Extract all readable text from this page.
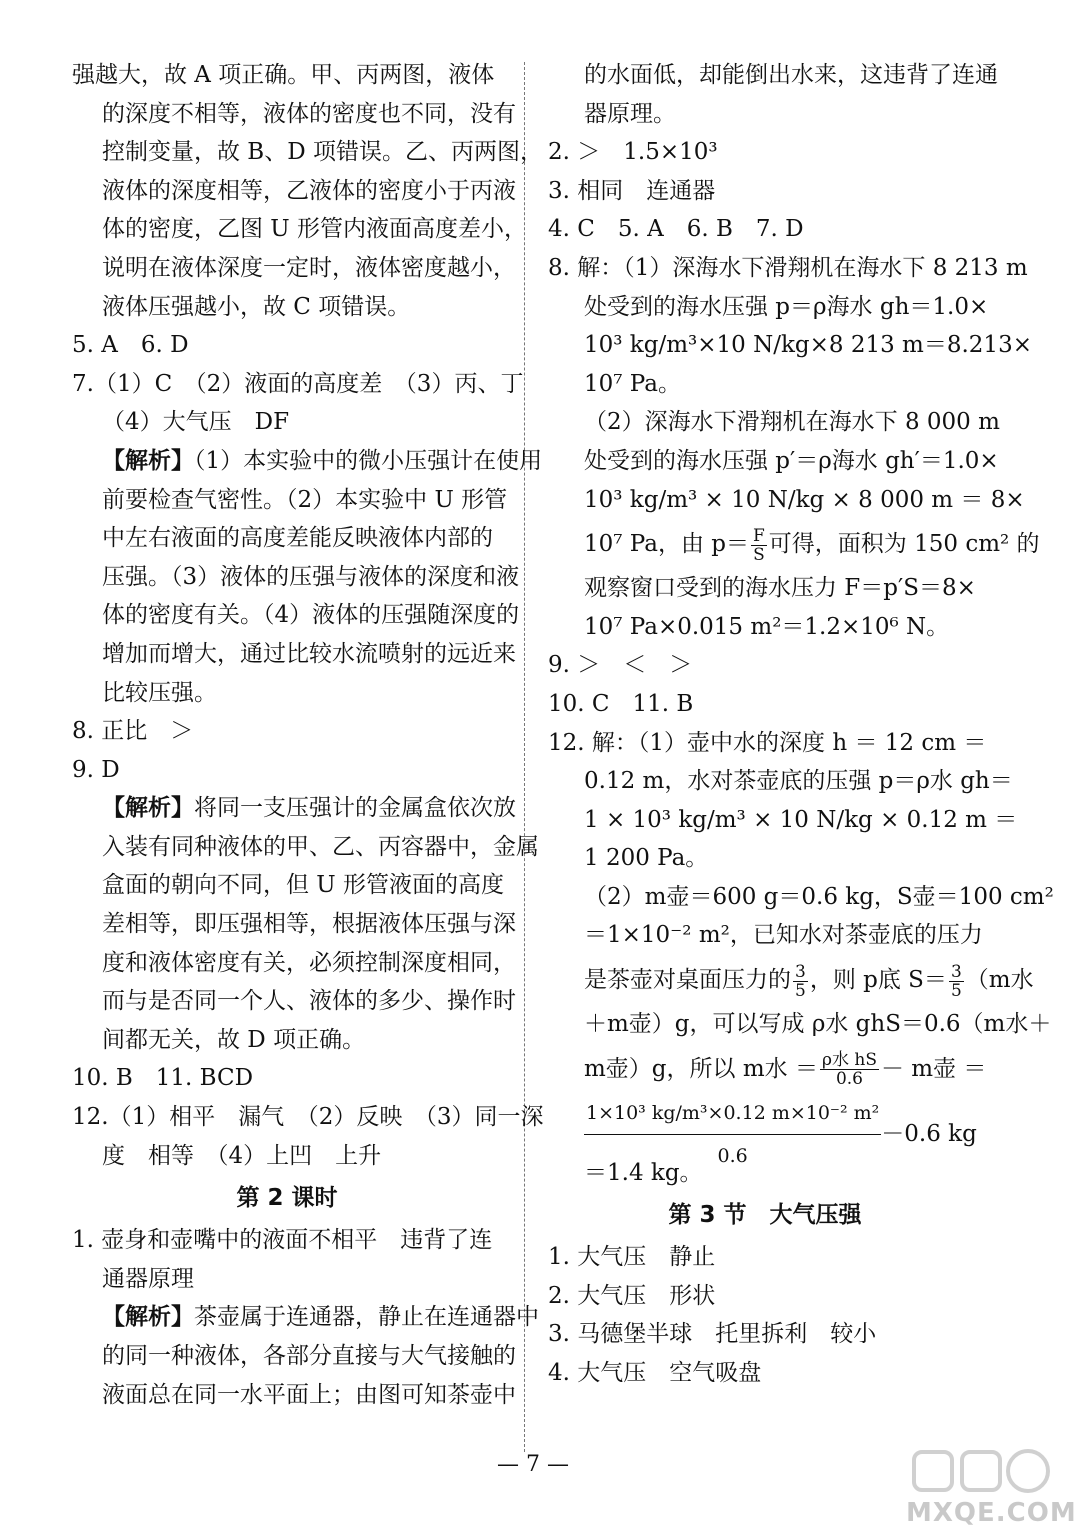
强越大，故 A 项正确。甲、丙两图，液体
的深度不相等，液体的密度也不同，没有
控制变量，故 B、D 项错误。乙、丙两图，
液体的深度相等，乙液体的密度小于丙液
体的密度，乙图 U 形管内液面高度差小，
说明在液体深度一定时，液体密度越小，
液体压强越小，故 C 项错误。
5. A　6. D
7.（1）C　（2）液面的高度差　（3）丙、丁
（4）大气压　DF
【解析】（1）本实验中的微小压强计在使用
前要检查气密性。（2）本实验中 U 形管
中左右液面的高度差能反映液体内部的
压强。（3）液体的压强与液体的深度和液
体的密度有关。（4）液体的压强随深度的
增加而增大，通过比较水流喷射的远近来
比较压强。
8. 正比　＞
9. D
【解析】将同一支压强计的金属盒依次放
入装有同种液体的甲、乙、丙容器中，金属
盒面的朝向不同，但 U 形管液面的高度
差相等，即压强相等，根据液体压强与深
度和液体密度有关，必须控制深度相同，
而与是否同一个人、液体的多少、操作时
间都无关，故 D 项正确。
10. B　11. BCD
12.（1）相平　漏气　（2）反映　（3）同一深
度　相等　（4）上凹　上升
第 2 课时
1. 壶身和壶嘴中的液面不相平　违背了连
通器原理
【解析】茶壶属于连通器，静止在连通器中
的同一种液体，各部分直接与大气接触的
液面总在同一水平面上；由图可知茶壶中
的水面低，却能倒出水来，这违背了连通
器原理。
2. ＞　1.5×10³
3. 相同　连通器
4. C　5. A　6. B　7. D
8. 解：（1）深海水下滑翔机在海水下 8 213 m
处受到的海水压强 p＝ρ海水 gh＝1.0×
10³ kg/m³×10 N/kg×8 213 m＝8.213×
10⁷ Pa。
（2）深海水下滑翔机在海水下 8 000 m
处受到的海水压强 p′＝ρ海水 gh′＝1.0×
10³ kg/m³ × 10 N/kg × 8 000 m ＝ 8×
10⁷ Pa，由 $p= \frac{F}{S}$ 可得，面积为 150 cm² 的
观察窗口受到的海水压力 F＝p′S＝8×
10⁷ Pa×0.015 m²＝1.2×10⁶ N。
9. ＞　＜　＞
10. C　11. B
12. 解：（1）壶中水的深度 h ＝ 12 cm ＝
0.12 m，水对茶壶底的压强 p＝ρ水 gh＝
1 × 10³ kg/m³ × 10 N/kg × 0.12 m ＝
1 200 Pa。
（2）m壶＝600 g＝0.6 kg，S壶＝100 cm²
＝1×10⁻² m²，已知水对茶壶底的压力
是茶壶对桌面压力的 $\frac{3}{5}$ ，则 p底 $S= \frac{3}{5} (m$水
＋m壶）g，可以写成 ρ水 ghS＝0.6（m水＋
m壶）g，所以 m水 ＝ $\frac{\text{ρ水 hS}}{0.6} - m$壶 ＝
$\frac{\text{1×10³ kg/m³×0.12 m×10⁻² m²}}{0.6} -0.6$ kg
＝1.4 kg。
第 3 节　大气压强
1. 大气压　静止
2. 大气压　形状
3. 马德堡半球　托里拆利　较小
4. 大气压　空气吸盘
— 7 —
MXQE.COM
